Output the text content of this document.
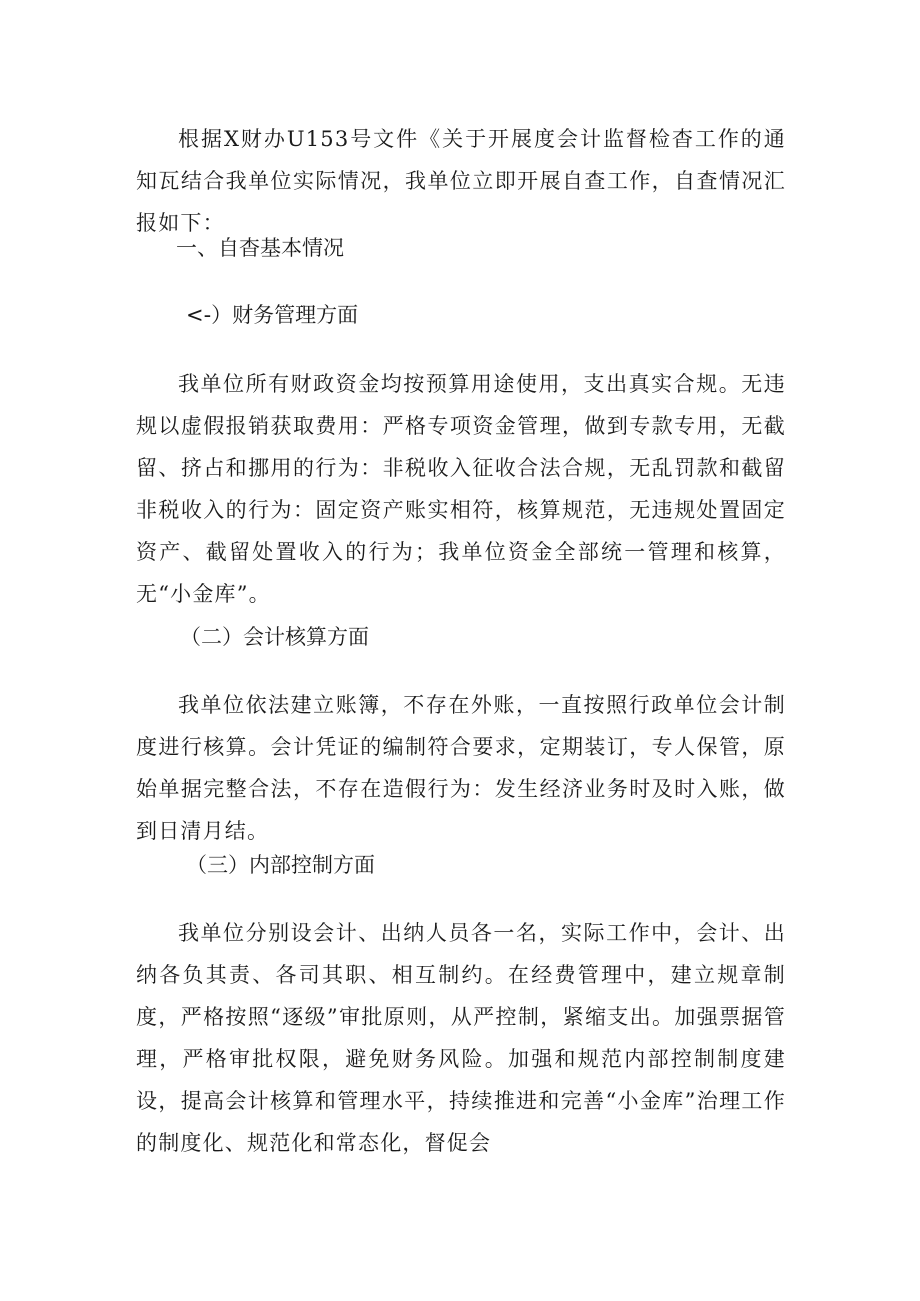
根据X财办U153号文件《关于开展度会计监督检杳工作的通知瓦结合我单位实际情况，我单位立即开展自查工作，自査情况汇报如下：

一、自杳基本情况
<-）财务管理方面

我单位所有财政资金均按预算用途使用，支出真实合规。无违规以虚假报销获取费用：严格专项资金管理，做到专款专用，无截留、挤占和挪用的行为：非税收入征收合法合规，无乱罚款和截留非税收入的行为：固定资产账实相符，核算规范，无违规处置固定资产、截留处置收入的行为；我单位资金全部统一管理和核算，无“小金库”。

（二）会计核算方面

我单位依法建立账簿，不存在外账，一直按照行政单位会计制度进行核算。会计凭证的编制符合要求，定期装订，专人保管，原始单据完整合法，不存在造假行为：发生经济业务时及时入账，做到日清月结。

（三）内部控制方面

我单位分别设会计、出纳人员各一名，实际工作中，会计、出纳各负其责、各司其职、相互制约。在经费管理中，建立规章制度，严格按照“逐级”审批原则，从严控制，紧缩支出。加强票据管理，严格审批权限，避免财务风险。加强和规范内部控制制度建设，提高会计核算和管理水平，持续推进和完善“小金库”治理工作的制度化、规范化和常态化，督促会
